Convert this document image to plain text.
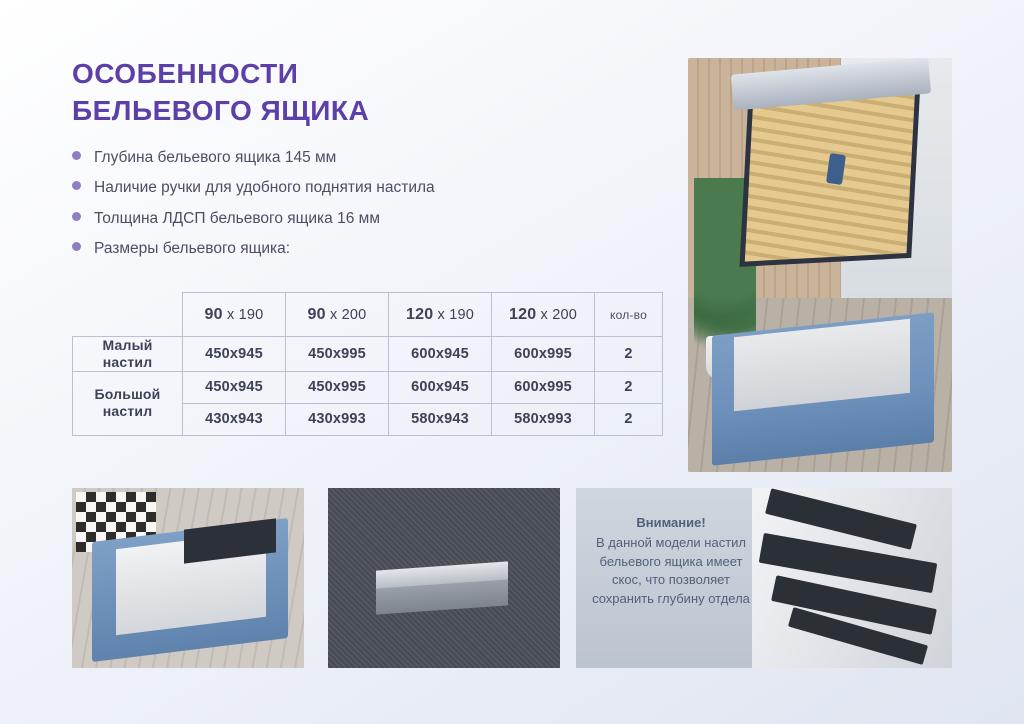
ОСОБЕННОСТИ
БЕЛЬЕВОГО ЯЩИКА
Глубина бельевого ящика 145 мм
Наличие ручки для удобного поднятия настила
Толщина ЛДСП бельевого ящика 16 мм
Размеры бельевого ящика:
	90 x 190	90 x 200	120 x 190	120 x 200	кол-во
Малый
настил	450x945	450x995	600x945	600x995	2
Большой
настил	450x945	450x995	600x945	600x995	2
	430x943	430x993	580x943	580x993	2
Внимание!
В данной модели настил бельевого ящика имеет скос, что позволяет сохранить глубину отдела
